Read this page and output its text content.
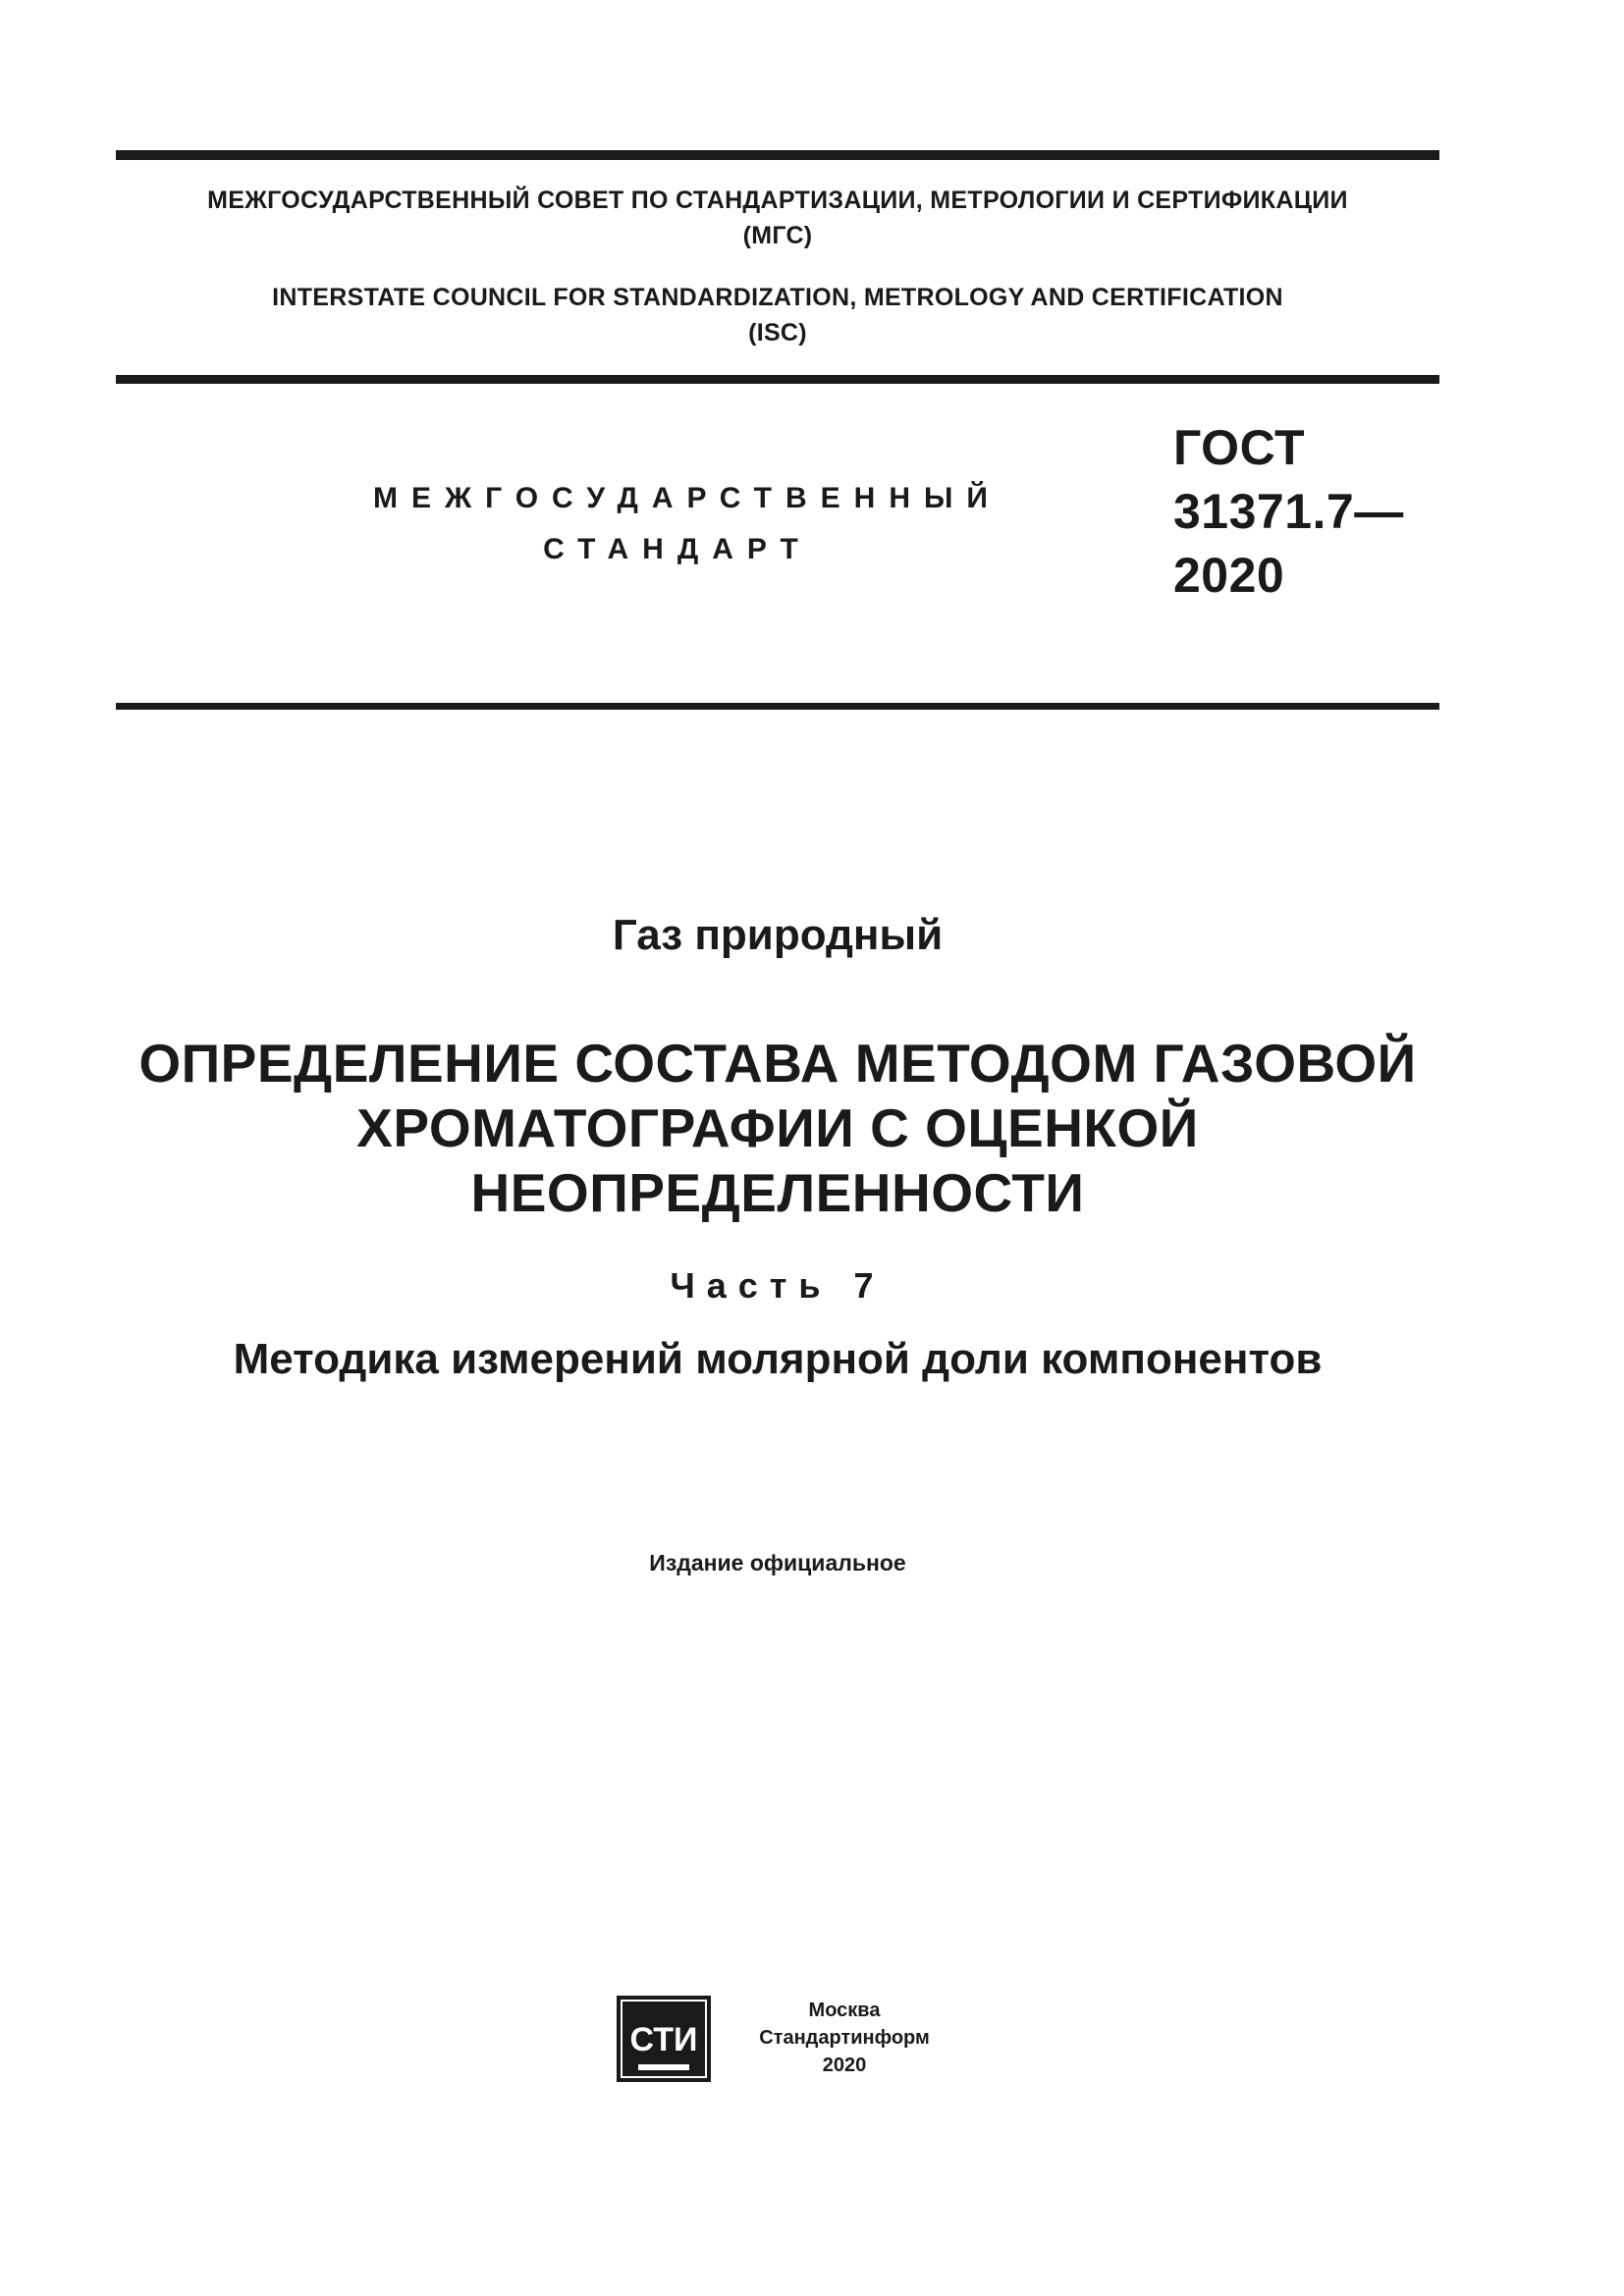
МЕЖГОСУДАРСТВЕННЫЙ СОВЕТ ПО СТАНДАРТИЗАЦИИ, МЕТРОЛОГИИ И СЕРТИФИКАЦИИ
(МГС)
INTERSTATE COUNCIL FOR STANDARDIZATION, METROLOGY AND CERTIFICATION
(ISC)
МЕЖГОСУДАРСТВЕННЫЙ
СТАНДАРТ
ГОСТ
31371.7—
2020
Газ природный
ОПРЕДЕЛЕНИЕ СОСТАВА МЕТОДОМ ГАЗОВОЙ
ХРОМАТОГРАФИИ С ОЦЕНКОЙ
НЕОПРЕДЕЛЕННОСТИ
Часть 7
Методика измерений молярной доли компонентов
Издание официальное
СТИ
Москва
Стандартинформ
2020
